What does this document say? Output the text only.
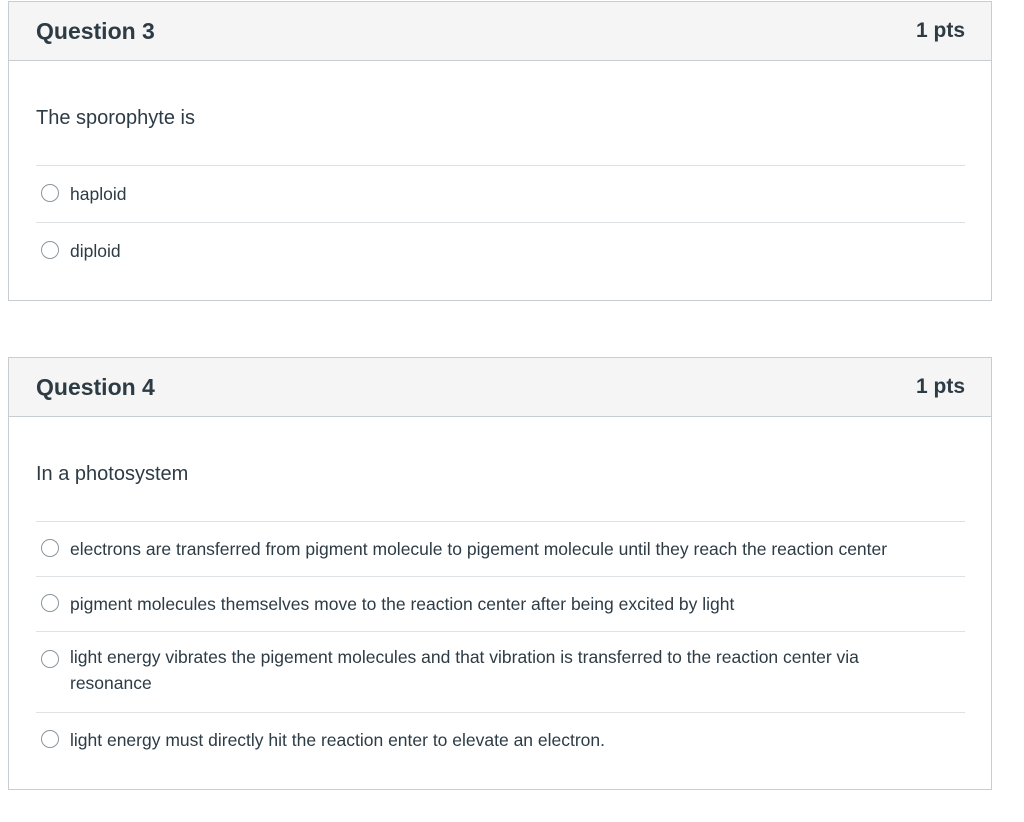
Question 3	1 pts
The sporophyte is
haploid
diploid
Question 4	1 pts
In a photosystem
electrons are transferred from pigment molecule to pigement molecule until they reach the reaction center
pigment molecules themselves move to the reaction center after being excited by light
light energy vibrates the pigement molecules and that vibration is transferred to the reaction center via resonance
light energy must directly hit the reaction enter to elevate an electron.
